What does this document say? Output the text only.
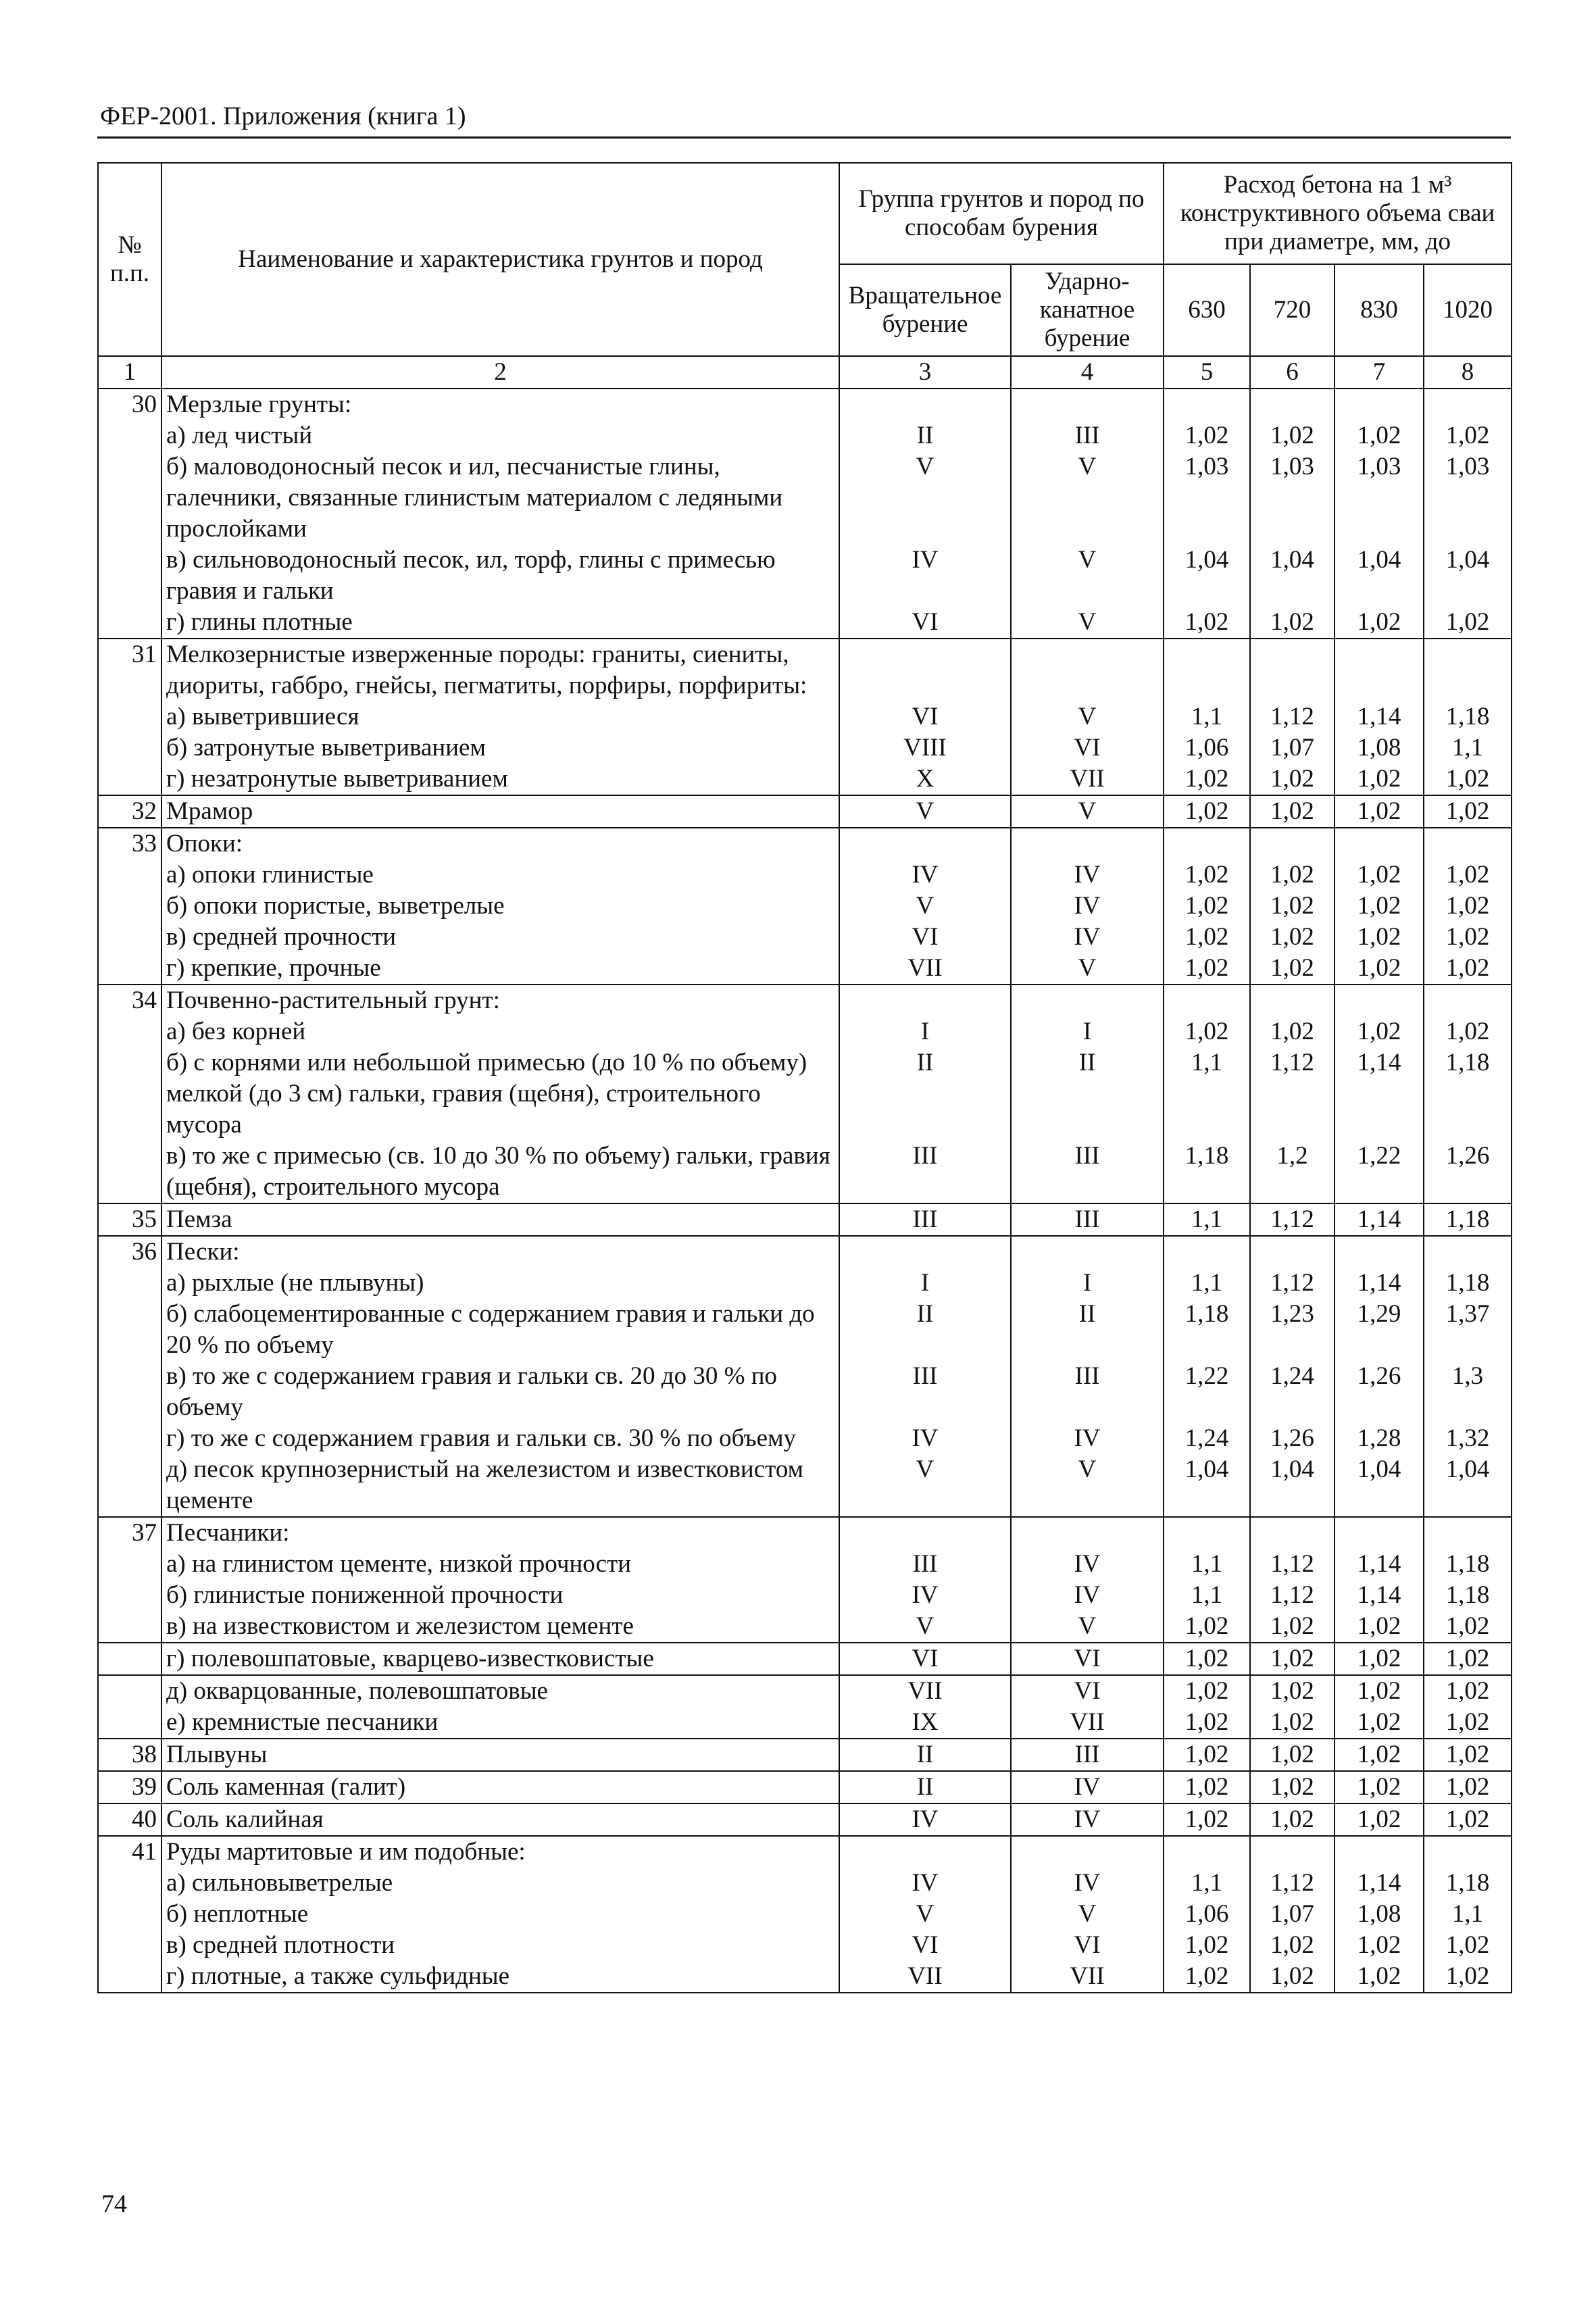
ФЕР-2001. Приложения (книга 1)
№ п.п.	Наименование и характеристика грунтов и пород	Группа грунтов и пород по способам бурения		Расход бетона на 1 м³ конструктивного объема сваи при диаметре, мм, до			
		Вращательное бурение	Ударно-канатное бурение	630	720	830	1020
1	2	3	4	5	6	7	8
30	Мерзлые грунты:						
	а) лед чистый	II	III	1,02	1,02	1,02	1,02
	б) маловодоносный песок и ил, песчанистые глины, галечники, связанные глинистым материалом с ледяными прослойками	V	V	1,03	1,03	1,03	1,03
	в) сильноводоносный песок, ил, торф, глины с примесью гравия и гальки	IV	V	1,04	1,04	1,04	1,04
	г) глины плотные	VI	V	1,02	1,02	1,02	1,02
31	Мелкозернистые изверженные породы: граниты, сиениты, диориты, габбро, гнейсы, пегматиты, порфиры, порфириты:						
	а) выветрившиеся	VI	V	1,1	1,12	1,14	1,18
	б) затронутые выветриванием	VIII	VI	1,06	1,07	1,08	1,1
	г) незатронутые выветриванием	X	VII	1,02	1,02	1,02	1,02
32	Мрамор	V	V	1,02	1,02	1,02	1,02
33	Опоки:						
	а) опоки глинистые	IV	IV	1,02	1,02	1,02	1,02
	б) опоки пористые, выветрелые	V	IV	1,02	1,02	1,02	1,02
	в) средней прочности	VI	IV	1,02	1,02	1,02	1,02
	г) крепкие, прочные	VII	V	1,02	1,02	1,02	1,02
34	Почвенно-растительный грунт:						
	а) без корней	I	I	1,02	1,02	1,02	1,02
	б) с корнями или небольшой примесью (до 10 % по объему) мелкой (до 3 см) гальки, гравия (щебня), строительного мусора	II	II	1,1	1,12	1,14	1,18
	в) то же с примесью (св. 10 до 30 % по объему) гальки, гравия (щебня), строительного мусора	III	III	1,18	1,2	1,22	1,26
35	Пемза	III	III	1,1	1,12	1,14	1,18
36	Пески:						
	а) рыхлые (не плывуны)	I	I	1,1	1,12	1,14	1,18
	б) слабоцементированные с содержанием гравия и гальки до 20 % по объему	II	II	1,18	1,23	1,29	1,37
	в) то же с содержанием гравия и гальки св. 20 до 30 % по объему	III	III	1,22	1,24	1,26	1,3
	г) то же с содержанием гравия и гальки св. 30 % по объему	IV	IV	1,24	1,26	1,28	1,32
	д) песок крупнозернистый на железистом и известковистом цементе	V	V	1,04	1,04	1,04	1,04
37	Песчаники:						
	а) на глинистом цементе, низкой прочности	III	IV	1,1	1,12	1,14	1,18
	б) глинистые пониженной прочности	IV	IV	1,1	1,12	1,14	1,18
	в) на известковистом и железистом цементе	V	V	1,02	1,02	1,02	1,02
	г) полевошпатовые, кварцево-известковистые	VI	VI	1,02	1,02	1,02	1,02
	д) окварцованные, полевошпатовые	VII	VI	1,02	1,02	1,02	1,02
	е) кремнистые песчаники	IX	VII	1,02	1,02	1,02	1,02
38	Плывуны	II	III	1,02	1,02	1,02	1,02
39	Соль каменная (галит)	II	IV	1,02	1,02	1,02	1,02
40	Соль калийная	IV	IV	1,02	1,02	1,02	1,02
41	Руды мартитовые и им подобные:						
	а) сильновыветрелые	IV	IV	1,1	1,12	1,14	1,18
	б) неплотные	V	V	1,06	1,07	1,08	1,1
	в) средней плотности	VI	VI	1,02	1,02	1,02	1,02
	г) плотные, а также сульфидные	VII	VII	1,02	1,02	1,02	1,02
74
